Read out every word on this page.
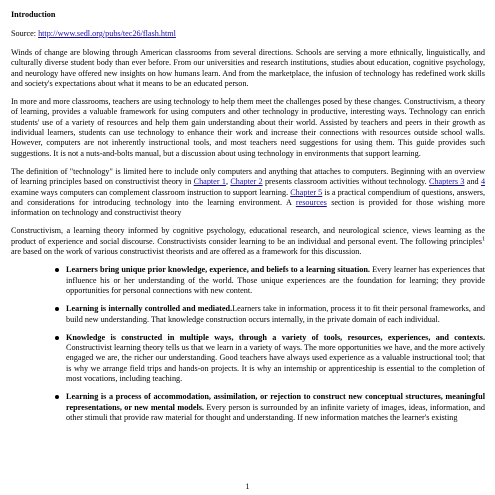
Introduction
Source: http://www.sedl.org/pubs/tec26/flash.html

Winds of change are blowing through American classrooms from several directions. Schools are serving a more ethnically, linguistically, and culturally diverse student body than ever before. From our universities and research institutions, studies about education, cognitive psychology, and neurology have offered new insights on how humans learn. And from the marketplace, the infusion of technology has redefined work skills and society's expectations about what it means to be an educated person.

In more and more classrooms, teachers are using technology to help them meet the challenges posed by these changes. Constructivism, a theory of learning, provides a valuable framework for using computers and other technology in productive, interesting ways. Technology can enrich students' use of a variety of resources and help them gain understanding about their world. Assisted by teachers and peers in their growth as individual learners, students can use technology to enhance their work and increase their connections with resources outside school walls. However, computers are not inherently instructional tools, and most teachers need suggestions for using them. This guide provides such suggestions. It is not a nuts-and-bolts manual, but a discussion about using technology in environments that support learning.

The definition of "technology" is limited here to include only computers and anything that attaches to computers. Beginning with an overview of learning principles based on constructivist theory in Chapter 1, Chapter 2 presents classroom activities without technology. Chapters 3 and 4 examine ways computers can complement classroom instruction to support learning. Chapter 5 is a practical compendium of questions, answers, and considerations for introducing technology into the learning environment. A resources section is provided for those wishing more information on technology and constructivist theory

Constructivism, a learning theory informed by cognitive psychology, educational research, and neurological science, views learning as the product of experience and social discourse. Constructivists consider learning to be an individual and personal event. The following principles$^1$ are based on the work of various constructivist theorists and are offered as a framework for this discussion.

Learners bring unique prior knowledge, experience, and beliefs to a learning situation. Every learner has experiences that influence his or her understanding of the world. Those unique experiences are the foundation for learning; they provide opportunities for personal connections with new content.
Learning is internally controlled and mediated.Learners take in information, process it to fit their personal frameworks, and build new understanding. That knowledge construction occurs internally, in the private domain of each individual.
Knowledge is constructed in multiple ways, through a variety of tools, resources, experiences, and contexts. Constructivist learning theory tells us that we learn in a variety of ways. The more opportunities we have, and the more actively engaged we are, the richer our understanding. Good teachers have always used experience as a valuable instructional tool; that is why we arrange field trips and hands-on projects. It is why an internship or apprenticeship is essential to the completion of most vocations, including teaching.
Learning is a process of accommodation, assimilation, or rejection to construct new conceptual structures, meaningful representations, or new mental models. Every person is surrounded by an infinite variety of images, ideas, information, and other stimuli that provide raw material for thought and understanding. If new information matches the learner's existing
1
